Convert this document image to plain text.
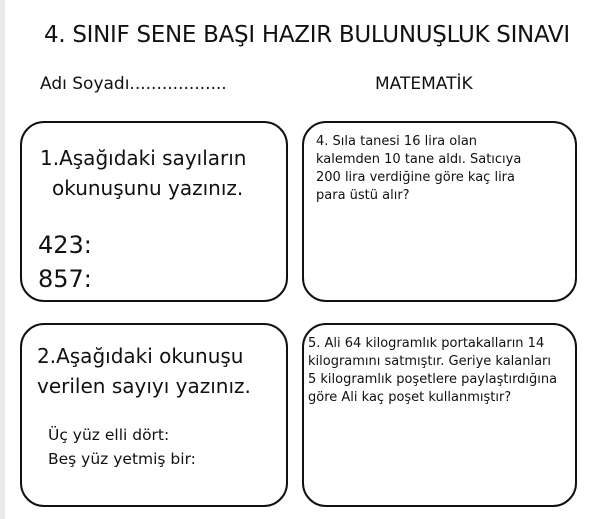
4. SINIF SENE BAŞI HAZIR BULUNUŞLUK SINAVI
Adı Soyadı..................	MATEMATİK
1.Aşağıdaki sayıların
okunuşunu yazınız.
423:
857:
2.Aşağıdaki okunuşu
verilen sayıyı yazınız.
Üç yüz elli dört:
Beş yüz yetmiş bir:
4. Sıla tanesi 16 lira olan
kalemden 10 tane aldı. Satıcıya
200 lira verdiğine göre kaç lira
para üstü alır?
5. Ali 64 kilogramlık portakalların 14
kilogramını satmıştır. Geriye kalanları
5 kilogramlık poşetlere paylaştırdığına
göre Ali kaç poşet kullanmıştır?
